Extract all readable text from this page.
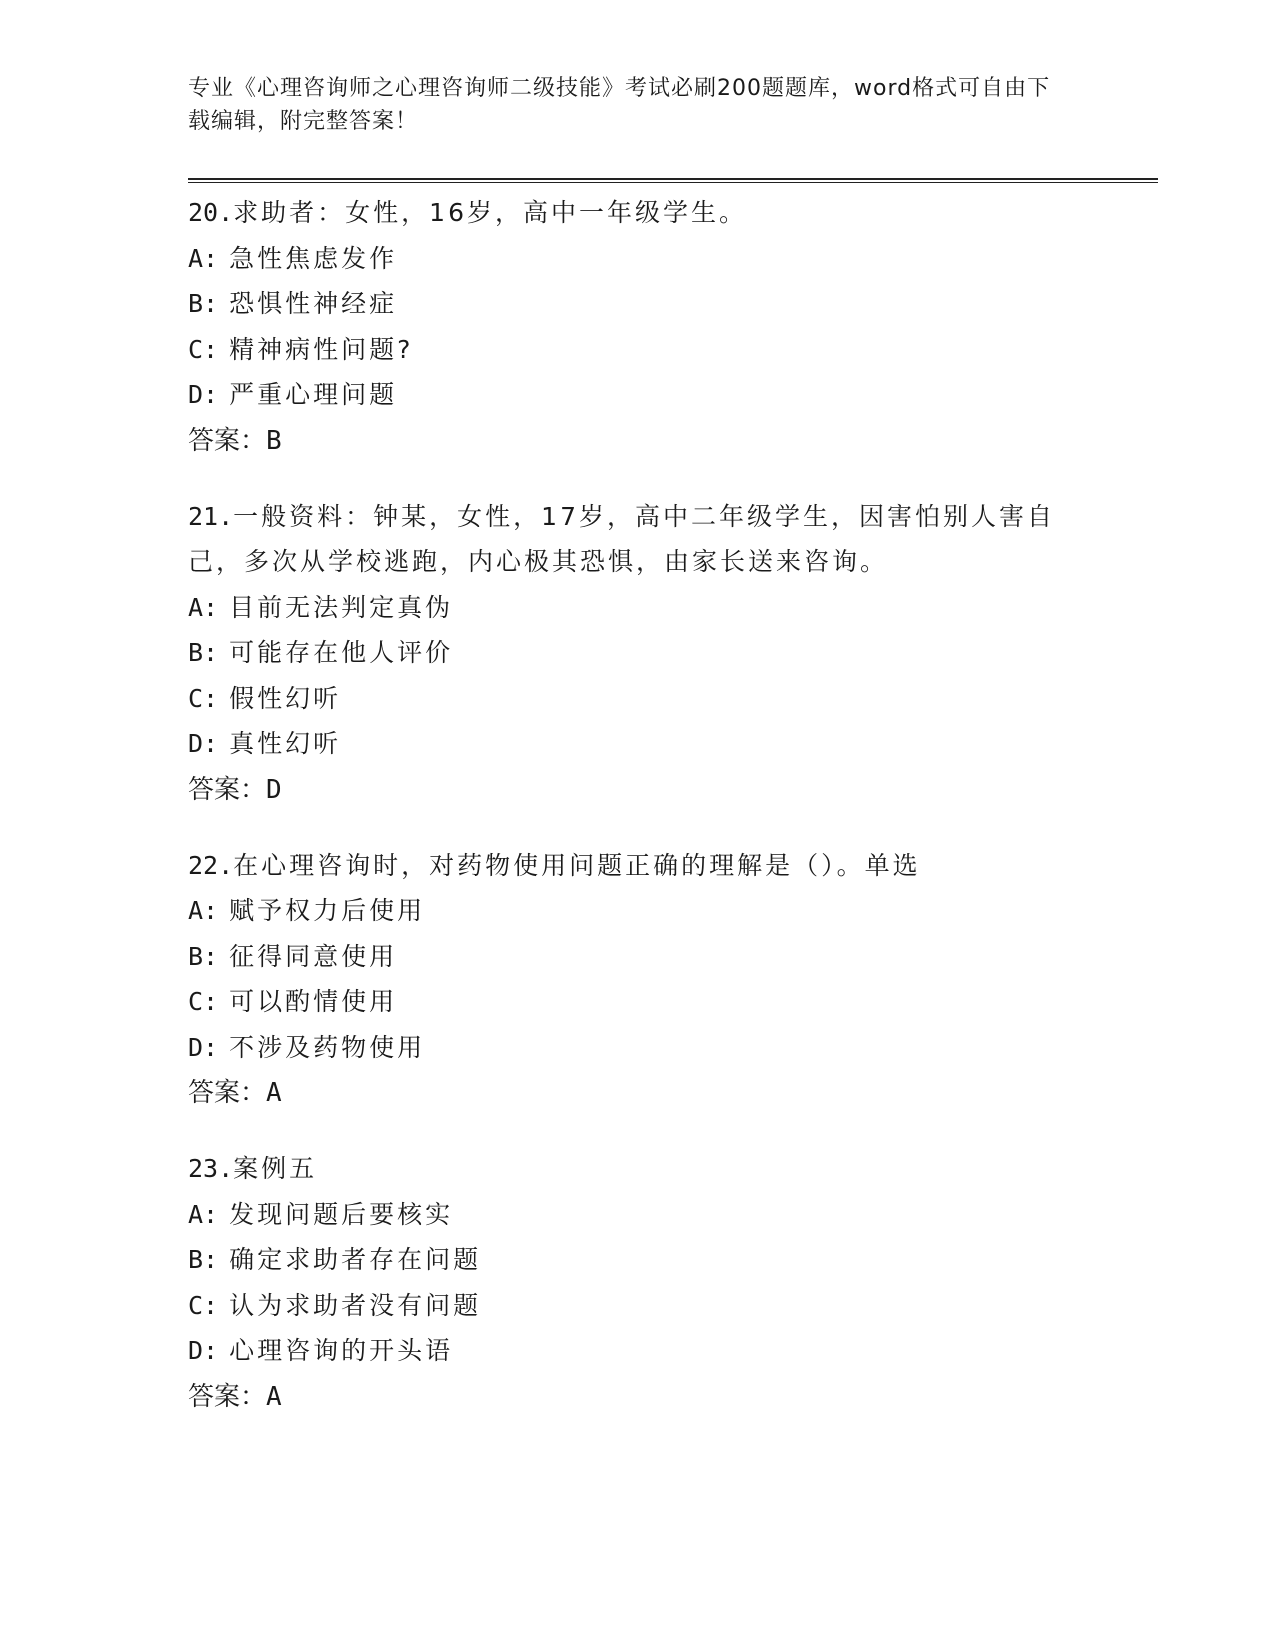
专业《心理咨询师之心理咨询师二级技能》考试必刷200题题库，word格式可自由下载编辑，附完整答案！
20.求助者：女性，16岁，高中一年级学生。
A: 急性焦虑发作
B: 恐惧性神经症
C: 精神病性问题?
D: 严重心理问题
答案：B
21.一般资料：钟某，女性，17岁，高中二年级学生，因害怕别人害自己，多次从学校逃跑，内心极其恐惧，由家长送来咨询。
A: 目前无法判定真伪
B: 可能存在他人评价
C: 假性幻听
D: 真性幻听
答案：D
22.在心理咨询时，对药物使用问题正确的理解是（）。单选
A: 赋予权力后使用
B: 征得同意使用
C: 可以酌情使用
D: 不涉及药物使用
答案：A
23.案例五
A: 发现问题后要核实
B: 确定求助者存在问题
C: 认为求助者没有问题
D: 心理咨询的开头语
答案：A
